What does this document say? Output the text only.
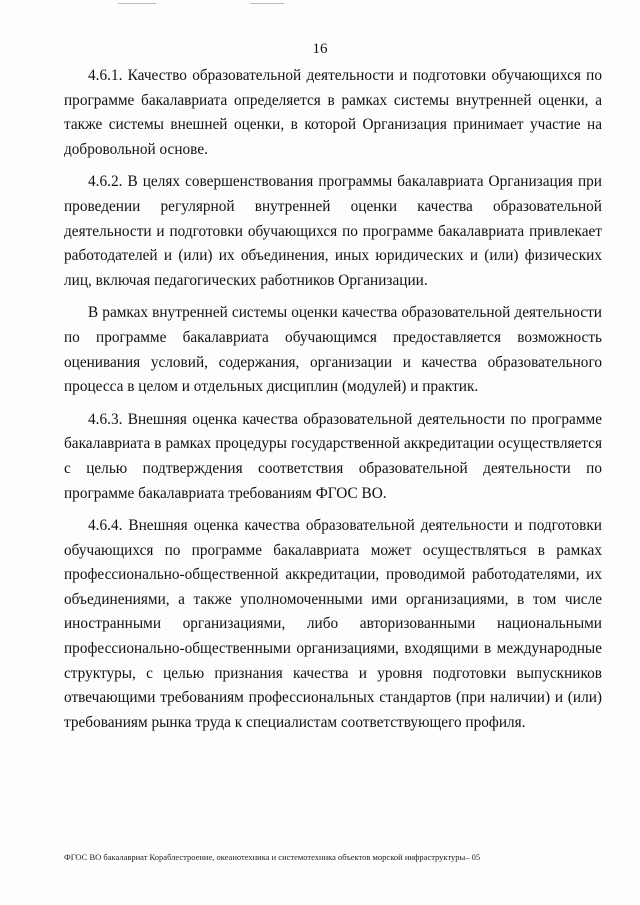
16

4.6.1. Качество образовательной деятельности и подготовки обучающихся по программе бакалавриата определяется в рамках системы внутренней оценки, а также системы внешней оценки, в которой Организация принимает участие на добровольной основе.

4.6.2. В целях совершенствования программы бакалавриата Организация при проведении регулярной внутренней оценки качества образовательной деятельности и подготовки обучающихся по программе бакалавриата привлекает работодателей и (или) их объединения, иных юридических и (или) физических лиц, включая педагогических работников Организации.

В рамках внутренней системы оценки качества образовательной деятельности по программе бакалавриата обучающимся предоставляется возможность оценивания условий, содержания, организации и качества образовательного процесса в целом и отдельных дисциплин (модулей) и практик.

4.6.3. Внешняя оценка качества образовательной деятельности по программе бакалавриата в рамках процедуры государственной аккредитации осуществляется с целью подтверждения соответствия образовательной деятельности по программе бакалавриата требованиям ФГОС ВО.

4.6.4. Внешняя оценка качества образовательной деятельности и подготовки обучающихся по программе бакалавриата может осуществляться в рамках профессионально-общественной аккредитации, проводимой работодателями, их объединениями, а также уполномоченными ими организациями, в том числе иностранными организациями, либо авторизованными национальными профессионально-общественными организациями, входящими в международные структуры, с целью признания качества и уровня подготовки выпускников отвечающими требованиям профессиональных стандартов (при наличии) и (или) требованиям рынка труда к специалистам соответствующего профиля.

ФГОС ВО бакалавриат Кораблестроение, океанотехника и системотехника объектов морской инфраструктуры– 05
